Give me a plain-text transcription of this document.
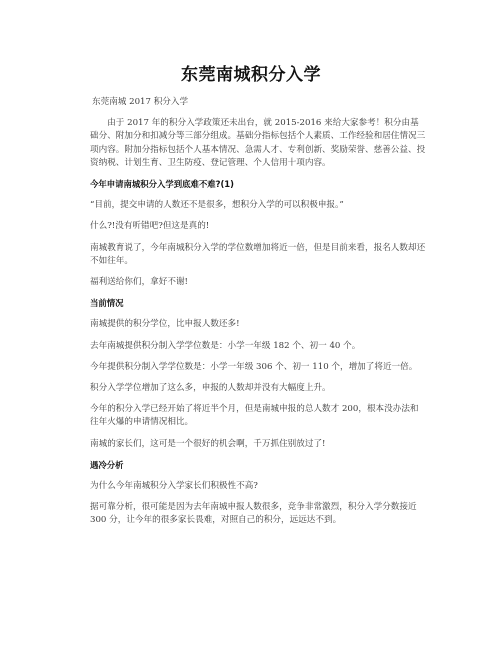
东莞南城积分入学

东莞南城 2017 积分入学

由于 2017 年的积分入学政策还未出台，就 2015-2016 来给大家参考！积分由基础分、附加分和扣减分等三部分组成。基础分指标包括个人素质、工作经验和居住情况三项内容。附加分指标包括个人基本情况、急需人才、专利创新、奖励荣誉、慈善公益、投资纳税、计划生育、卫生防疫、登记管理、个人信用十项内容。

今年申请南城积分入学到底难不难?(1)

“目前，提交申请的人数还不是很多，想积分入学的可以积极申报。”

什么?!没有听错吧?但这是真的!

南城教育说了，今年南城积分入学的学位数增加将近一倍，但是目前来看，报名人数却还不如往年。

福利送给你们，拿好不谢!

当前情况

南城提供的积分学位，比申报人数还多!

去年南城提供积分制入学学位数是：小学一年级 182 个、初一 40 个。

今年提供积分制入学学位数是：小学一年级 306 个、初一 110 个，增加了将近一倍。

积分入学学位增加了这么多，申报的人数却并没有大幅度上升。

今年的积分入学已经开始了将近半个月，但是南城申报的总人数才 200，根本没办法和往年火爆的申请情况相比。

南城的家长们，这可是一个很好的机会啊，千万抓住别放过了!

遇冷分析

为什么今年南城积分入学家长们积极性不高?

据可靠分析，很可能是因为去年南城申报人数很多，竞争非常激烈，积分入学分数接近 300 分，让今年的很多家长畏难，对照自己的积分，远远达不到。
